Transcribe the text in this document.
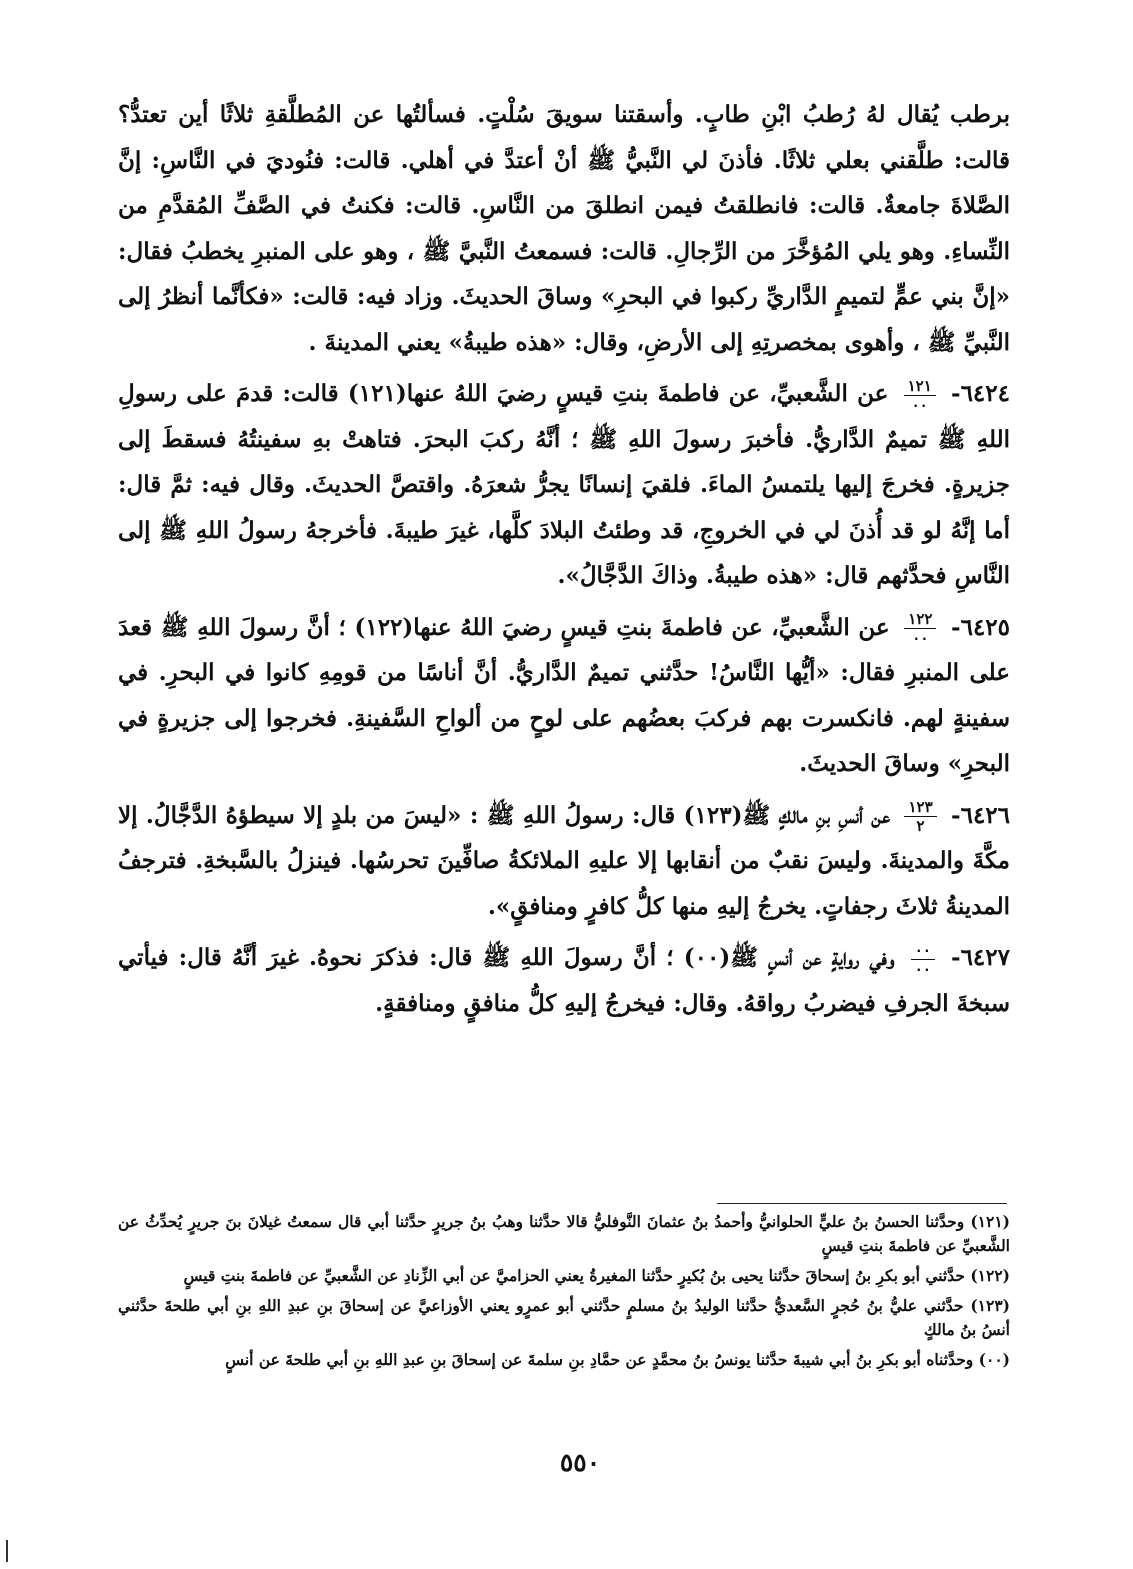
برطب يُقال لهُ رُطبُ ابْنِ طابٍ. وأسقتنا سويقَ سُلْتٍ. فسألتُها عن المُطلَّقةِ ثلاثًا أين تعتدُّ؟ قالت: طلَّقني بعلي ثلاثًا. فأذنَ لي النَّبيُّ ﷺ أنْ أعتدَّ في أهلي. قالت: فنُوديَ في النَّاسِ: إنَّ الصَّلاةَ جامعةٌ. قالت: فانطلقتُ فيمن انطلقَ من النَّاسِ. قالت: فكنتُ في الصَّفِّ المُقدَّمِ من النِّساءِ. وهو يلي المُؤخَّرَ من الرِّجالِ. قالت: فسمعتُ النَّبيَّ ﷺ ، وهو على المنبرِ يخطبُ فقال: «إنَّ بني عمٍّ لتميمٍ الدَّاريِّ ركبوا في البحرِ» وساقَ الحديثَ. وزاد فيه: قالت: «فكأنَّما أنظرُ إلى النَّبيِّ ﷺ ، وأهوى بمخصرتِهِ إلى الأرضِ، وقال: «هذه طيبةُ» يعني المدينةَ .

٦٤٢٤-
$\frac{١٢١}{٠٠}$
عن الشَّعبيِّ، عن فاطمةَ بنتِ قيسٍ رضيَ اللهُ عنها(١٢١) قالت: قدمَ على رسولِ اللهِ ﷺ تميمٌ الدَّاريُّ. فأخبرَ رسولَ اللهِ ﷺ ؛ أنَّهُ ركبَ البحرَ. فتاهتْ بهِ سفينتُهُ فسقطَ إلى جزيرةٍ. فخرجَ إليها يلتمسُ الماءَ. فلقيَ إنسانًا يجرُّ شعرَهُ. واقتصَّ الحديثَ. وقال فيه: ثمَّ قال: أما إنَّهُ لو قد أُذنَ لي في الخروجِ، قد وطئتُ البلادَ كلَّها، غيرَ طيبةَ. فأخرجهُ رسولُ اللهِ ﷺ إلى النَّاسِ فحدَّثهم قال: «هذه طيبةُ. وذاكَ الدَّجَّالُ».

٦٤٢٥-
$\frac{١٢٢}{٠٠}$
عن الشَّعبيِّ، عن فاطمةَ بنتِ قيسٍ رضيَ اللهُ عنها(١٢٢) ؛ أنَّ رسولَ اللهِ ﷺ قعدَ على المنبرِ فقال: «أيُّها النَّاسُ! حدَّثني تميمٌ الدَّاريُّ. أنَّ أناسًا من قومِهِ كانوا في البحرِ. في سفينةٍ لهم. فانكسرت بهم فركبَ بعضُهم على لوحٍ من ألواحِ السَّفينةِ. فخرجوا إلى جزيرةٍ في البحرِ» وساقَ الحديثَ.

٦٤٢٦-
$\frac{١٢٣}{٢}$
عن أنسِ بنِ مالكٍ ﷺ(١٢٣) قال: رسولُ اللهِ ﷺ : «ليسَ من بلدٍ إلا سيطؤهُ الدَّجَّالُ. إلا مكَّةَ والمدينةَ. وليسَ نقبٌ من أنقابها إلا عليهِ الملائكةُ صافِّينَ تحرسُها. فينزلُ بالسَّبخةِ. فترجفُ المدينةُ ثلاثَ رجفاتٍ. يخرجُ إليهِ منها كلُّ كافرٍ ومنافقٍ».

٦٤٢٧-
$\frac{٠٠}{٠٠}$
وفي روايةٍ عن أنسٍ ﷺ(٠٠) ؛ أنَّ رسولَ اللهِ ﷺ قال: فذكرَ نحوهُ. غيرَ أنَّهُ قال: فيأتي سبخةَ الجرفِ فيضربُ رواقهُ. وقال: فيخرجُ إليهِ كلُّ منافقٍ ومنافقةٍ.

(١٢١) وحدَّثنا الحسنُ بنُ عليٍّ الحلوانيُّ وأحمدُ بنُ عثمانَ النَّوفليُّ قالا حدَّثنا وهبُ بنُ جريرٍ حدَّثنا أبي قال سمعتُ غيلانَ بنَ جريرٍ يُحدِّثُ عن الشَّعبيِّ عن فاطمةَ بنتِ قيسٍ

(١٢٢) حدَّثني أبو بكرِ بنُ إسحاقَ حدَّثنا يحيى بنُ بُكيرٍ حدَّثنا المغيرةُ يعني الحزاميَّ عن أبي الزِّنادِ عن الشَّعبيِّ عن فاطمةَ بنتِ قيسٍ

(١٢٣) حدَّثني عليُّ بنُ حُجرٍ السَّعديُّ حدَّثنا الوليدُ بنُ مسلمٍ حدَّثني أبو عمرٍو يعني الأوزاعيَّ عن إسحاقَ بنِ عبدِ اللهِ بنِ أبي طلحةَ حدَّثني أنسُ بنُ مالكٍ

(٠٠) وحدَّثناه أبو بكرِ بنُ أبي شيبةَ حدَّثنا يونسُ بنُ محمَّدٍ عن حمَّادِ بنِ سلمةَ عن إسحاقَ بنِ عبدِ اللهِ بنِ أبي طلحةَ عن أنسٍ

٥٥٠
